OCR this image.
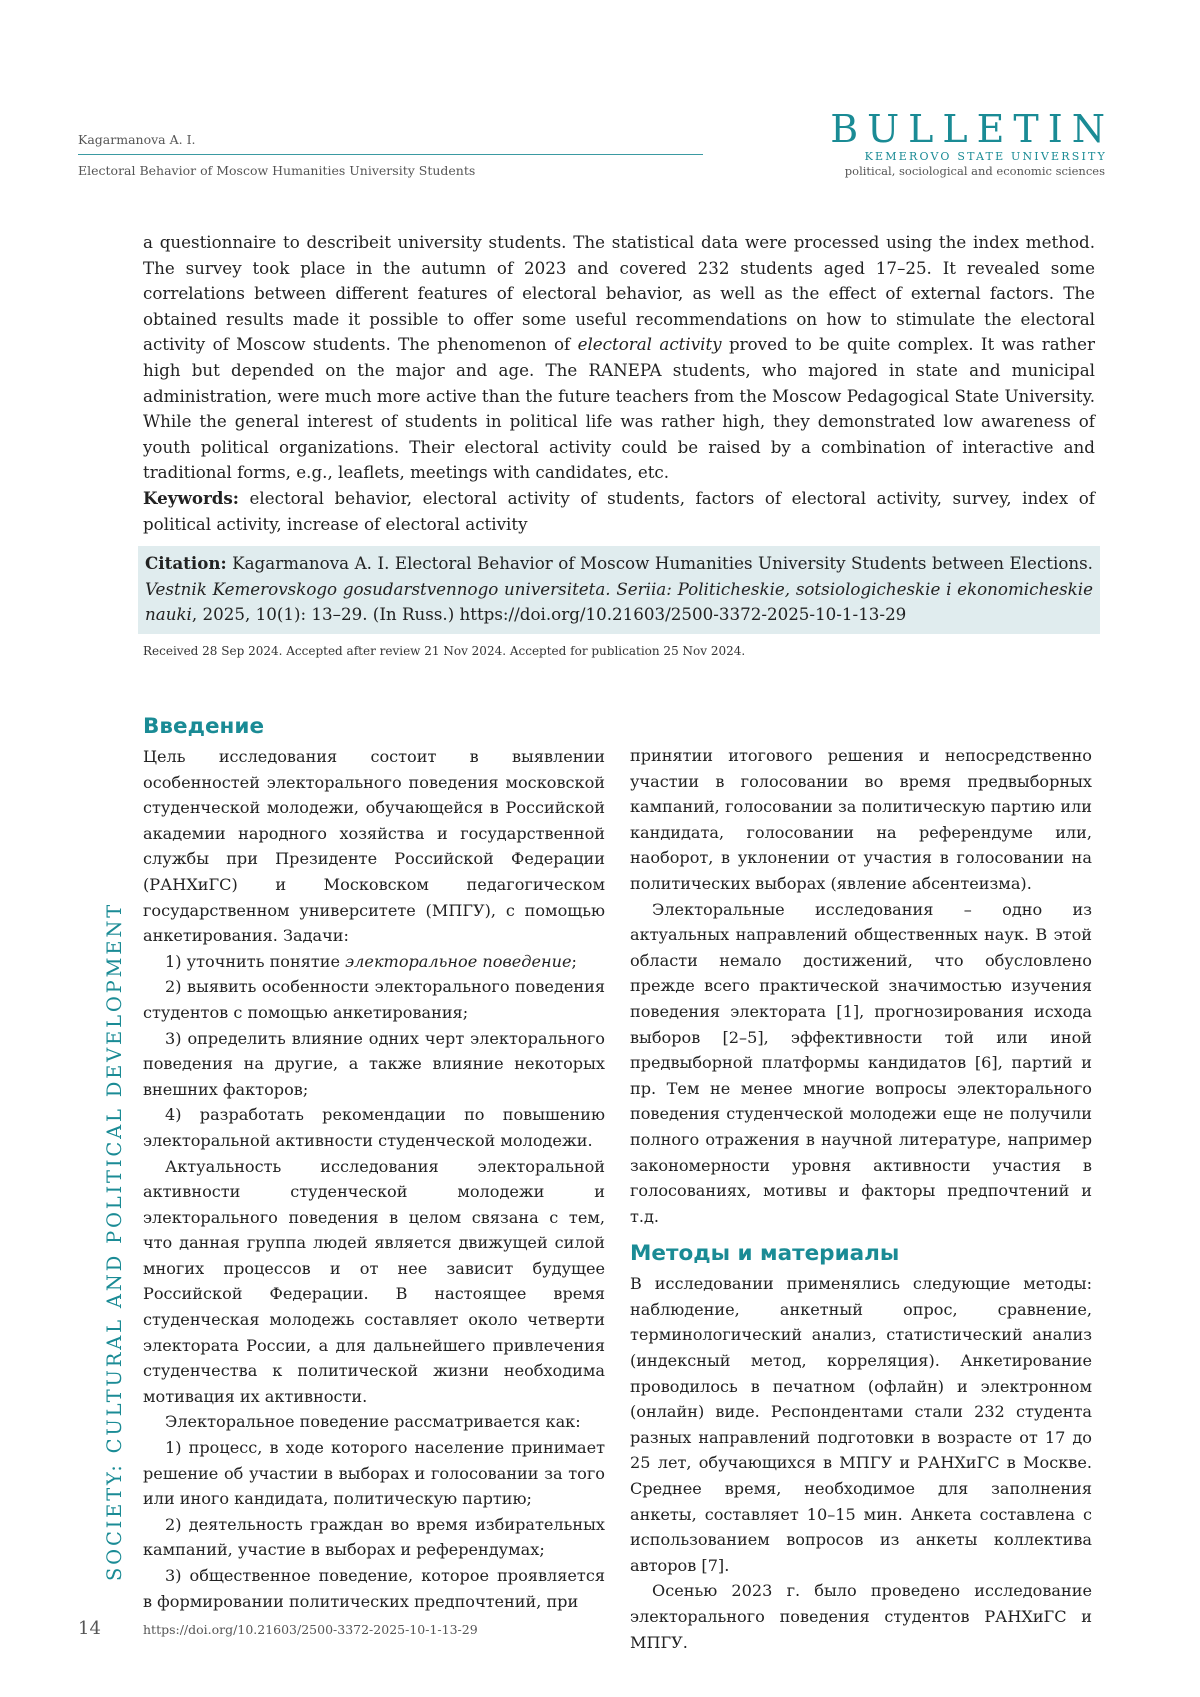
Kagarmanova A. I.
Electoral Behavior of Moscow Humanities University Students
BULLETIN
KEMEROVO STATE UNIVERSITY
political, sociological and economic sciences
SOCIETY: CULTURAL AND POLITICAL DEVELOPMENT

a questionnaire to describeit university students. The statistical data were processed using the index method. The survey took place in the autumn of 2023 and covered 232 students aged 17–25. It revealed some correlations between different features of electoral behavior, as well as the effect of external factors. The obtained results made it possible to offer some useful recommendations on how to stimulate the electoral activity of Moscow students. The phenomenon of electoral activity proved to be quite complex. It was rather high but depended on the major and age. The RANEPA students, who majored in state and municipal administration, were much more active than the future teachers from the Moscow Pedagogical State University. While the general interest of students in political life was rather high, they demonstrated low awareness of youth political organizations. Their electoral activity could be raised by a combination of interactive and traditional forms, e.g., leaflets, meetings with candidates, etc.

Keywords: electoral behavior, electoral activity of students, factors of electoral activity, survey, index of political activity, increase of electoral activity

Citation: Kagarmanova A. I. Electoral Behavior of Moscow Humanities University Students between Elections. Vestnik Kemerovskogo gosudarstvennogo universiteta. Seriia: Politicheskie, sotsiologicheskie i ekonomicheskie nauki, 2025, 10(1): 13–29. (In Russ.) https://doi.org/10.21603/2500-3372-2025-10-1-13-29
Received 28 Sep 2024. Accepted after review 21 Nov 2024. Accepted for publication 25 Nov 2024.
Введение

Цель исследования состоит в выявлении особенностей электорального поведения московской студенческой молодежи, обучающейся в Российской академии народного хозяйства и государственной службы при Президенте Российской Федерации (РАНХиГС) и Московском педагогическом государственном университете (МПГУ), с помощью анкетирования. Задачи:

1) уточнить понятие электоральное поведение;

2) выявить особенности электорального поведения студентов с помощью анкетирования;

3) определить влияние одних черт электорального поведения на другие, а также влияние некоторых внешних факторов;

4) разработать рекомендации по повышению электоральной активности студенческой молодежи.

Актуальность исследования электоральной активности студенческой молодежи и электорального поведения в целом связана с тем, что данная группа людей является движущей силой многих процессов и от нее зависит будущее Российской Федерации. В настоящее время студенческая молодежь составляет около четверти электората России, а для дальнейшего привлечения студенчества к политической жизни необходима мотивация их активности.

Электоральное поведение рассматривается как:

1) процесс, в ходе которого население принимает решение об участии в выборах и голосовании за того или иного кандидата, политическую партию;

2) деятельность граждан во время избирательных кампаний, участие в выборах и референдумах;

3) общественное поведение, которое проявляется в формировании политических предпочтений, при

принятии итогового решения и непосредственно участии в голосовании во время предвыборных кампаний, голосовании за политическую партию или кандидата, голосовании на референдуме или, наоборот, в уклонении от участия в голосовании на политических выборах (явление абсентеизма).

Электоральные исследования – одно из актуальных направлений общественных наук. В этой области немало достижений, что обусловлено прежде всего практической значимостью изучения поведения электората [1], прогнозирования исхода выборов [2–5], эффективности той или иной предвыборной платформы кандидатов [6], партий и пр. Тем не менее многие вопросы электорального поведения студенческой молодежи еще не получили полного отражения в научной литературе, например закономерности уровня активности участия в голосованиях, мотивы и факторы предпочтений и т.д.

Методы и материалы

В исследовании применялись следующие методы: наблюдение, анкетный опрос, сравнение, терминологический анализ, статистический анализ (индексный метод, корреляция). Анкетирование проводилось в печатном (офлайн) и электронном (онлайн) виде. Респондентами стали 232 студента разных направлений подготовки в возрасте от 17 до 25 лет, обучающихся в МПГУ и РАНХиГС в Москве. Среднее время, необходимое для заполнения анкеты, составляет 10–15 мин. Анкета составлена с использованием вопросов из анкеты коллектива авторов [7].

Осенью 2023 г. было проведено исследование электорального поведения студентов РАНХиГС и МПГУ.

14	https://doi.org/10.21603/2500-3372-2025-10-1-13-29
